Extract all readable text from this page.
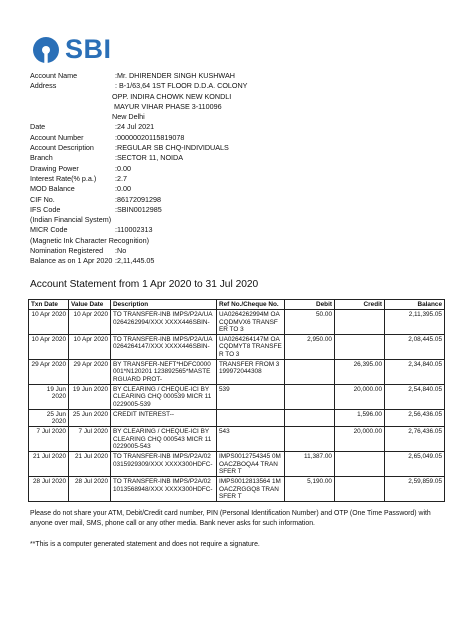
SBI
Account Name	:Mr. DHIRENDER SINGH KUSHWAH
Address	: B-1/63,64 1ST FLOOR D.D.A. COLONY
OPP. INDIRA CHOWK NEW KONDLI
MAYUR VIHAR PHASE 3-110096
New Delhi
Date	:24 Jul 2021
Account Number	:00000020115819078
Account Description	:REGULAR SB CHQ-INDIVIDUALS
Branch	:SECTOR 11, NOIDA
Drawing Power	:0.00
Interest Rate(% p.a.)	:2.7
MOD Balance	:0.00
CIF No.	:86172091298
IFS Code	:SBIN0012985
(Indian Financial System)
MICR Code	:110002313
(Magnetic Ink Character Recognition)
Nomination Registered	:No
Balance as on 1 Apr 2020 :2,11,445.05
Account Statement from 1 Apr 2020 to 31 Jul 2020
Txn Date	Value Date	Description	Ref No./Cheque No.	Debit	Credit	Balance
10 Apr 2020	10 Apr 2020	TO TRANSFER-INB IMPS/P2A/UA0264262994/XXX XXXX446SBIN-	UA0264262994M OACQDMVX6 TRANSFER TO 3	50.00		2,11,395.05
10 Apr 2020	10 Apr 2020	TO TRANSFER-INB IMPS/P2A/UA0264264147/XXX XXXX446SBIN-	UA0264264147M OACQDMYT8 TRANSFER TO 3	2,950.00		2,08,445.05
29 Apr 2020	29 Apr 2020	BY TRANSFER-NEFT*HDFC0000001*N120201 123892565*MASTERGUARD PROT-	TRANSFER FROM 3199972044308		26,395.00	2,34,840.05
19 Jun 2020	19 Jun 2020	BY CLEARING / CHEQUE-ICI BY CLEARING CHQ 000539 MICR 110229005-539	539		20,000.00	2,54,840.05
25 Jun 2020	25 Jun 2020	CREDIT INTEREST--			1,596.00	2,56,436.05
7 Jul 2020	7 Jul 2020	BY CLEARING / CHEQUE-ICI BY CLEARING CHQ 000543 MICR 110229005-543	543		20,000.00	2,76,436.05
21 Jul 2020	21 Jul 2020	TO TRANSFER-INB IMPS/P2A/020315929309/XXX XXXX300HDFC-	IMPS0012754345 0MOACZBOQA4 TRANSFER T	11,387.00		2,65,049.05
28 Jul 2020	28 Jul 2020	TO TRANSFER-INB IMPS/P2A/021013568948/XXX XXXX300HDFC-	IMPS0012813564 1MOACZRGGQ8 TRANSFER T	5,190.00		2,59,859.05
Please do not share your ATM, Debit/Credit card number, PIN (Personal Identification Number) and OTP (One Time Password) with anyone over mail, SMS, phone call or any other media. Bank never asks for such information.
**This is a computer generated statement and does not require a signature.
